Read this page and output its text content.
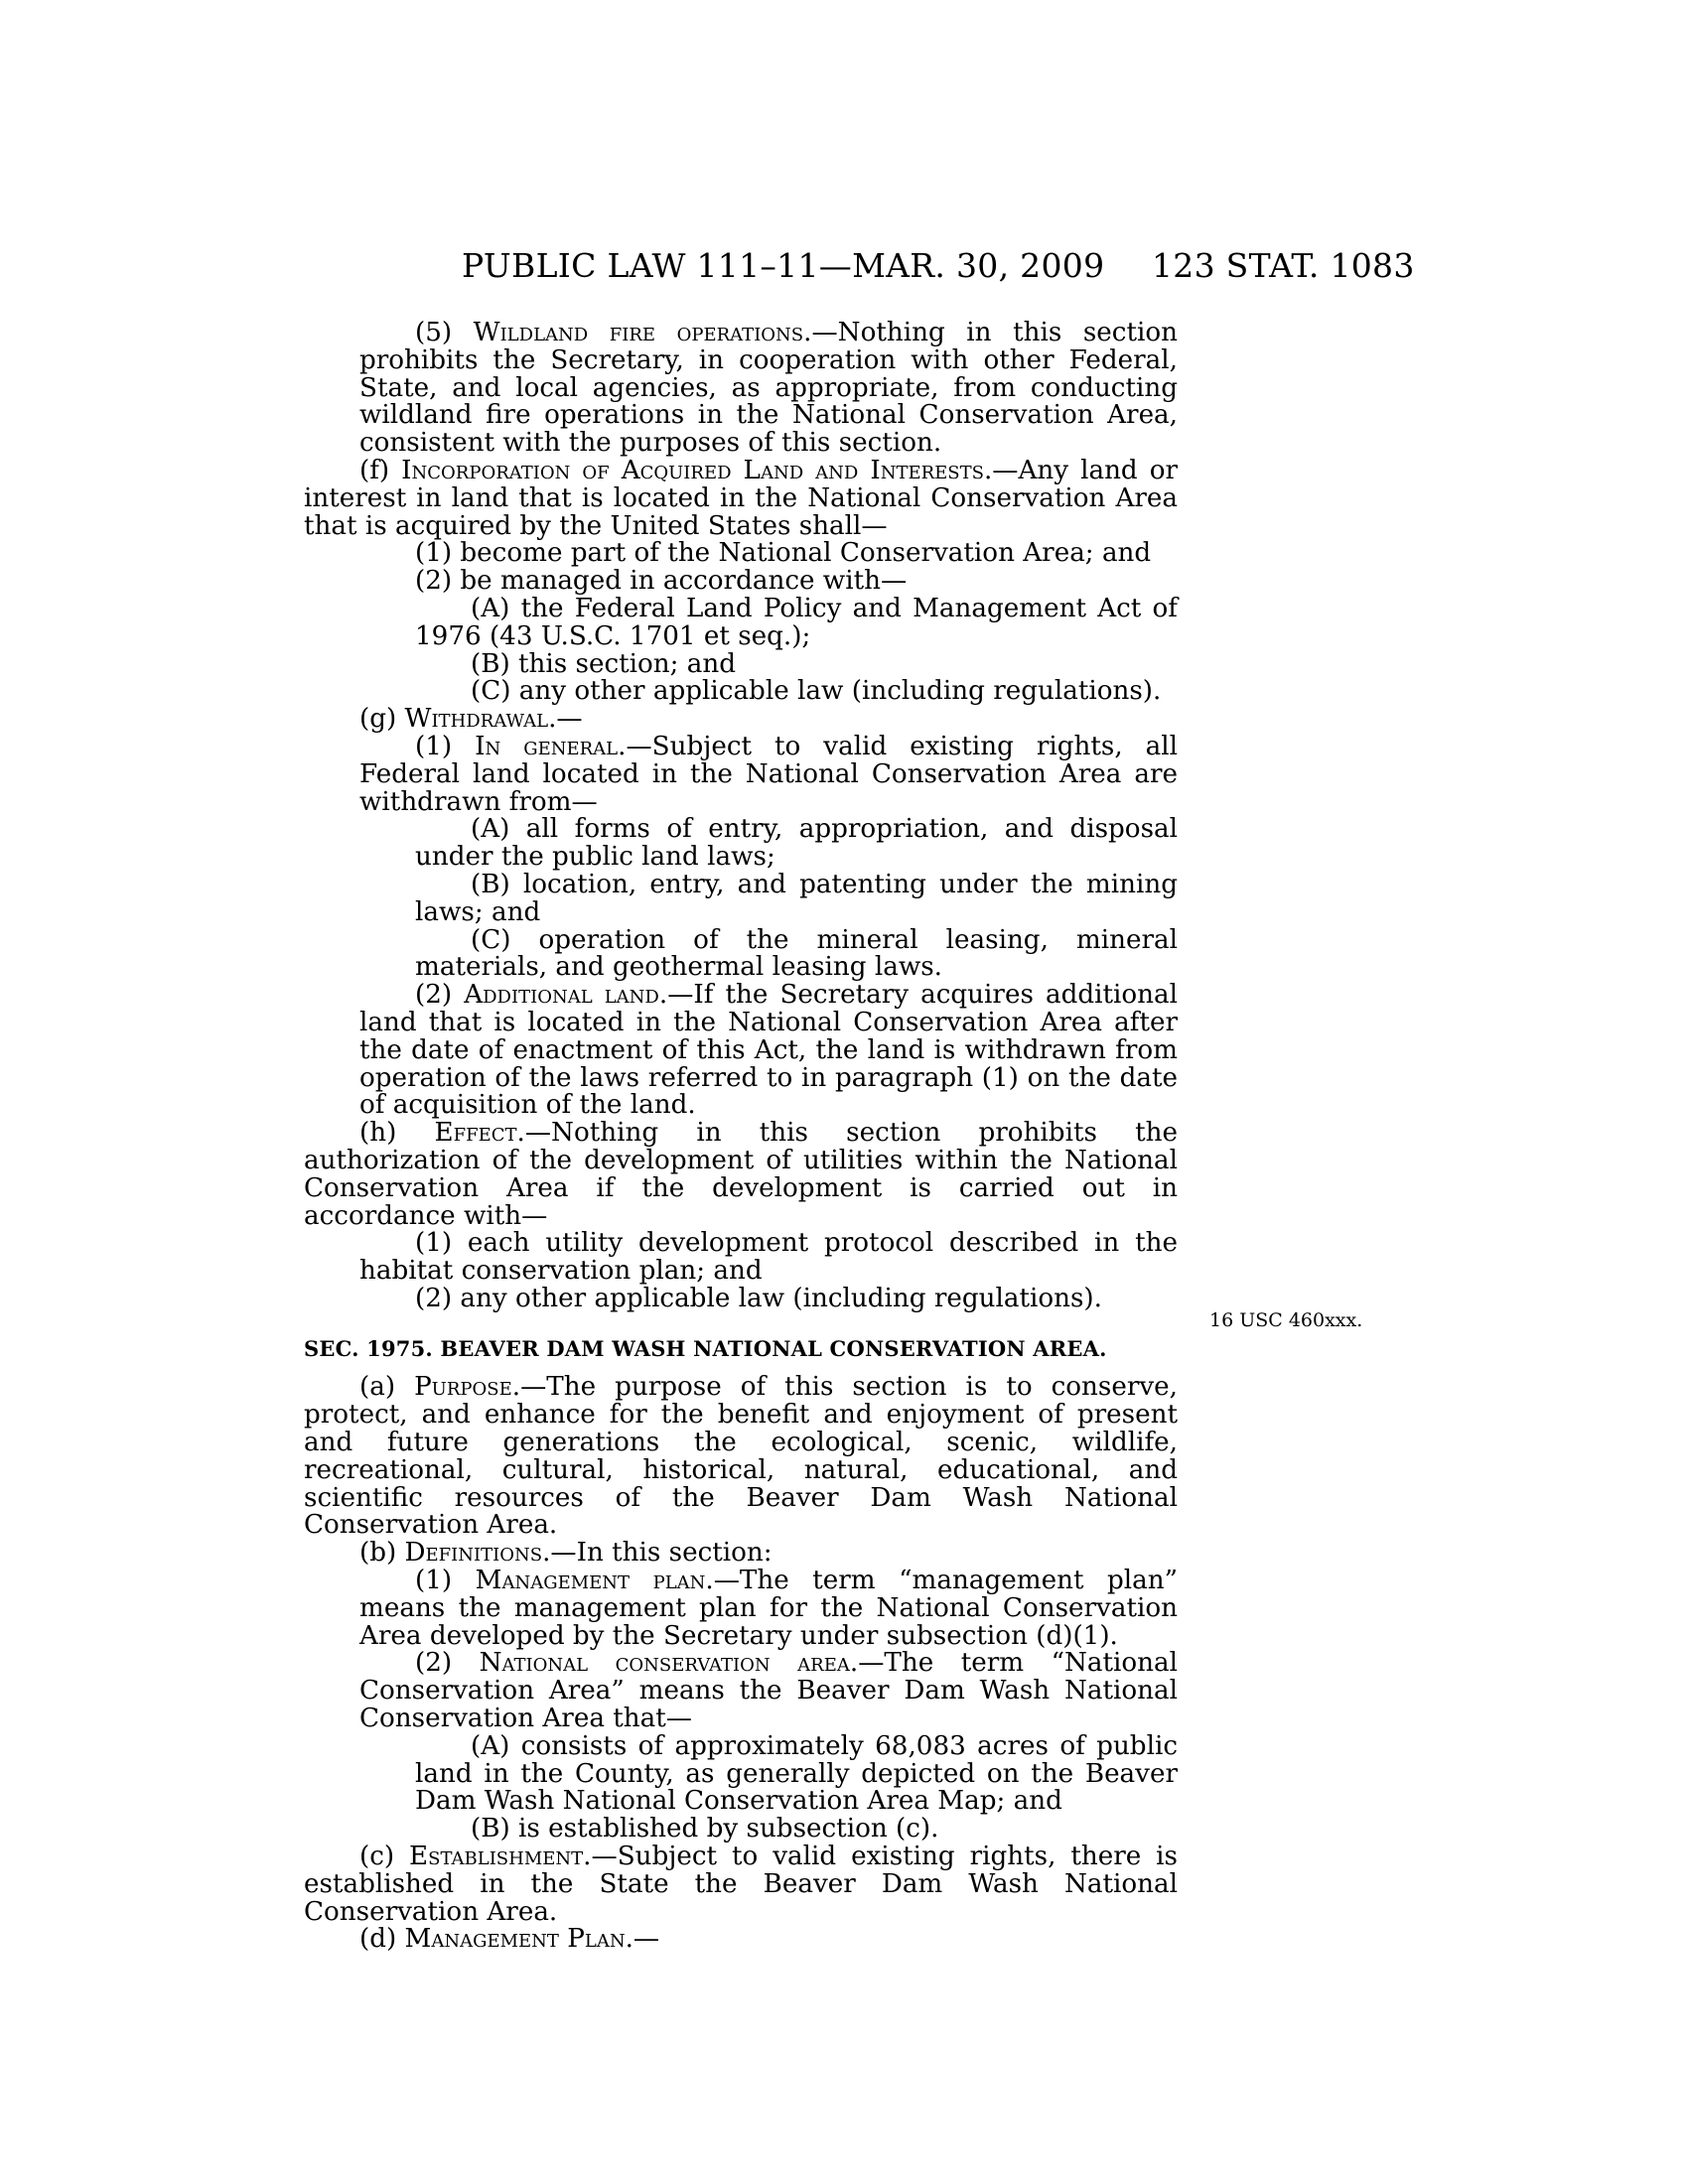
PUBLIC LAW 111–11—MAR. 30, 2009 123 STAT. 1083
16 USC 460xxx.

(5) Wildland fire operations.—Nothing in this section prohibits the Secretary, in cooperation with other Federal, State, and local agencies, as appropriate, from conducting wildland fire operations in the National Conservation Area, consistent with the purposes of this section.

(f) Incorporation of Acquired Land and Interests.—Any land or interest in land that is located in the National Conservation Area that is acquired by the United States shall—

(1) become part of the National Conservation Area; and

(2) be managed in accordance with—

(A) the Federal Land Policy and Management Act of 1976 (43 U.S.C. 1701 et seq.);

(B) this section; and

(C) any other applicable law (including regulations).

(g) Withdrawal.—

(1) In general.—Subject to valid existing rights, all Federal land located in the National Conservation Area are withdrawn from—

(A) all forms of entry, appropriation, and disposal under the public land laws;

(B) location, entry, and patenting under the mining laws; and

(C) operation of the mineral leasing, mineral materials, and geothermal leasing laws.

(2) Additional land.—If the Secretary acquires additional land that is located in the National Conservation Area after the date of enactment of this Act, the land is withdrawn from operation of the laws referred to in paragraph (1) on the date of acquisition of the land.

(h) Effect.—Nothing in this section prohibits the authorization of the development of utilities within the National Conservation Area if the development is carried out in accordance with—

(1) each utility development protocol described in the habitat conservation plan; and

(2) any other applicable law (including regulations).

SEC. 1975. BEAVER DAM WASH NATIONAL CONSERVATION AREA.

(a) Purpose.—The purpose of this section is to conserve, protect, and enhance for the benefit and enjoyment of present and future generations the ecological, scenic, wildlife, recreational, cultural, historical, natural, educational, and scientific resources of the Beaver Dam Wash National Conservation Area.

(b) Definitions.—In this section:

(1) Management plan.—The term “management plan” means the management plan for the National Conservation Area developed by the Secretary under subsection (d)(1).

(2) National conservation area.—The term “National Conservation Area” means the Beaver Dam Wash National Conservation Area that—

(A) consists of approximately 68,083 acres of public land in the County, as generally depicted on the Beaver Dam Wash National Conservation Area Map; and

(B) is established by subsection (c).

(c) Establishment.—Subject to valid existing rights, there is established in the State the Beaver Dam Wash National Conservation Area.

(d) Management Plan.—
